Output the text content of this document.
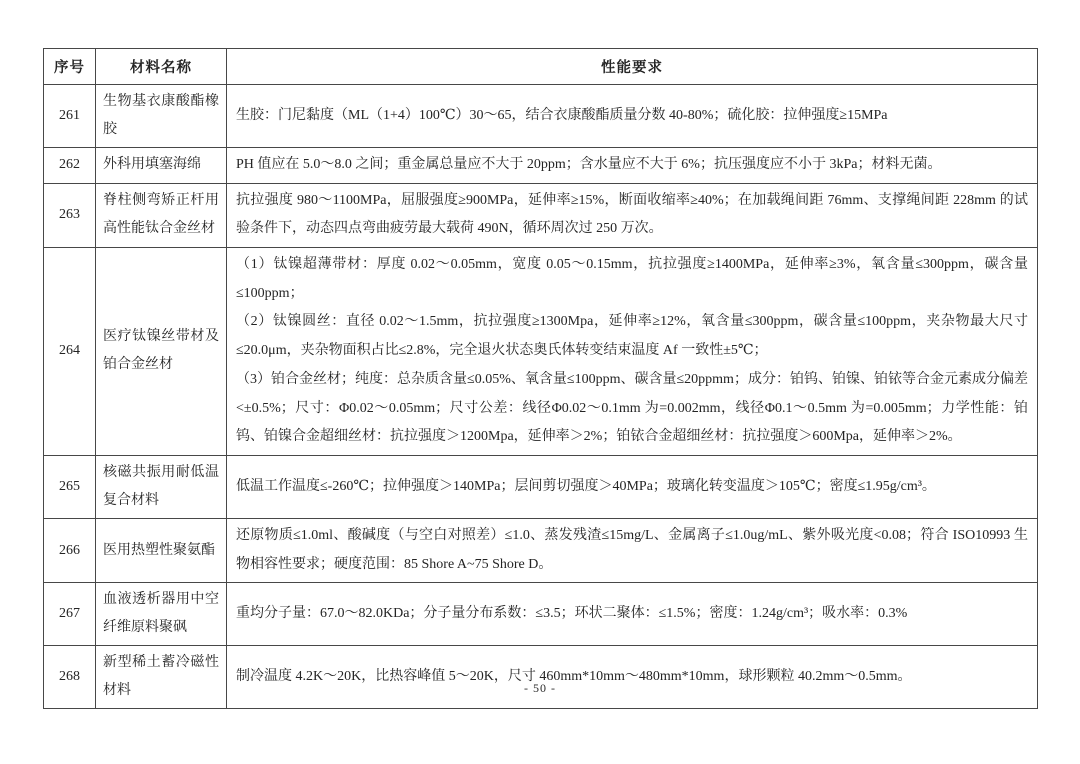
序号	材料名称	性能要求
261	生物基衣康酸酯橡胶	生胶：门尼黏度（ML（1+4）100℃）30～65，结合衣康酸酯质量分数 40-80%；硫化胶：拉伸强度≥15MPa

262	外科用填塞海绵	PH 值应在 5.0～8.0 之间；重金属总量应不大于 20ppm；含水量应不大于 6%；抗压强度应不小于 3kPa；材料无菌。

263	脊柱侧弯矫正杆用高性能钛合金丝材	抗拉强度 980～1100MPa，屈服强度≥900MPa，延伸率≥15%，断面收缩率≥40%；在加载绳间距 76mm、支撑绳间距 228mm 的试验条件下，动态四点弯曲疲劳最大载荷 490N，循环周次过 250 万次。

264	医疗钛镍丝带材及铂合金丝材	（1）钛镍超薄带材：厚度 0.02～0.05mm，宽度 0.05～0.15mm，抗拉强度≥1400MPa，延伸率≥3%，氧含量≤300ppm，碳含量≤100ppm；
（2）钛镍圆丝：直径 0.02～1.5mm，抗拉强度≥1300Mpa，延伸率≥12%，氧含量≤300ppm，碳含量≤100ppm，夹杂物最大尺寸≤20.0μm，夹杂物面积占比≤2.8%，完全退火状态奥氏体转变结束温度 Af 一致性±5℃；
（3）铂合金丝材；纯度：总杂质含量≤0.05%、氧含量≤100ppm、碳含量≤20ppmm；成分：铂钨、铂镍、铂铱等合金元素成分偏差<±0.5%；尺寸：Φ0.02～0.05mm；尺寸公差：线径Φ0.02～0.1mm 为=0.002mm，线径Φ0.1～0.5mm 为=0.005mm；力学性能：铂钨、铂镍合金超细丝材：抗拉强度＞1200Mpa，延伸率＞2%；铂铱合金超细丝材：抗拉强度＞600Mpa，延伸率＞2%。

265	核磁共振用耐低温复合材料	低温工作温度≤-260℃；拉伸强度＞140MPa；层间剪切强度＞40MPa；玻璃化转变温度＞105℃；密度≤1.95g/cm³。

266	医用热塑性聚氨酯	还原物质≤1.0ml、酸碱度（与空白对照差）≤1.0、蒸发残渣≤15mg/L、金属离子≤1.0ug/mL、紫外吸光度<0.08；符合 ISO10993 生物相容性要求；硬度范围：85 Shore A~75 Shore D。

267	血液透析器用中空纤维原料聚砜	重均分子量：67.0～82.0KDa；分子量分布系数：≤3.5；环状二聚体：≤1.5%；密度：1.24g/cm³；吸水率：0.3%

268	新型稀土蓄冷磁性材料	制冷温度 4.2K～20K，比热容峰值 5～20K，尺寸 460mm*10mm～480mm*10mm，球形颗粒 40.2mm～0.5mm。
- 50 -
